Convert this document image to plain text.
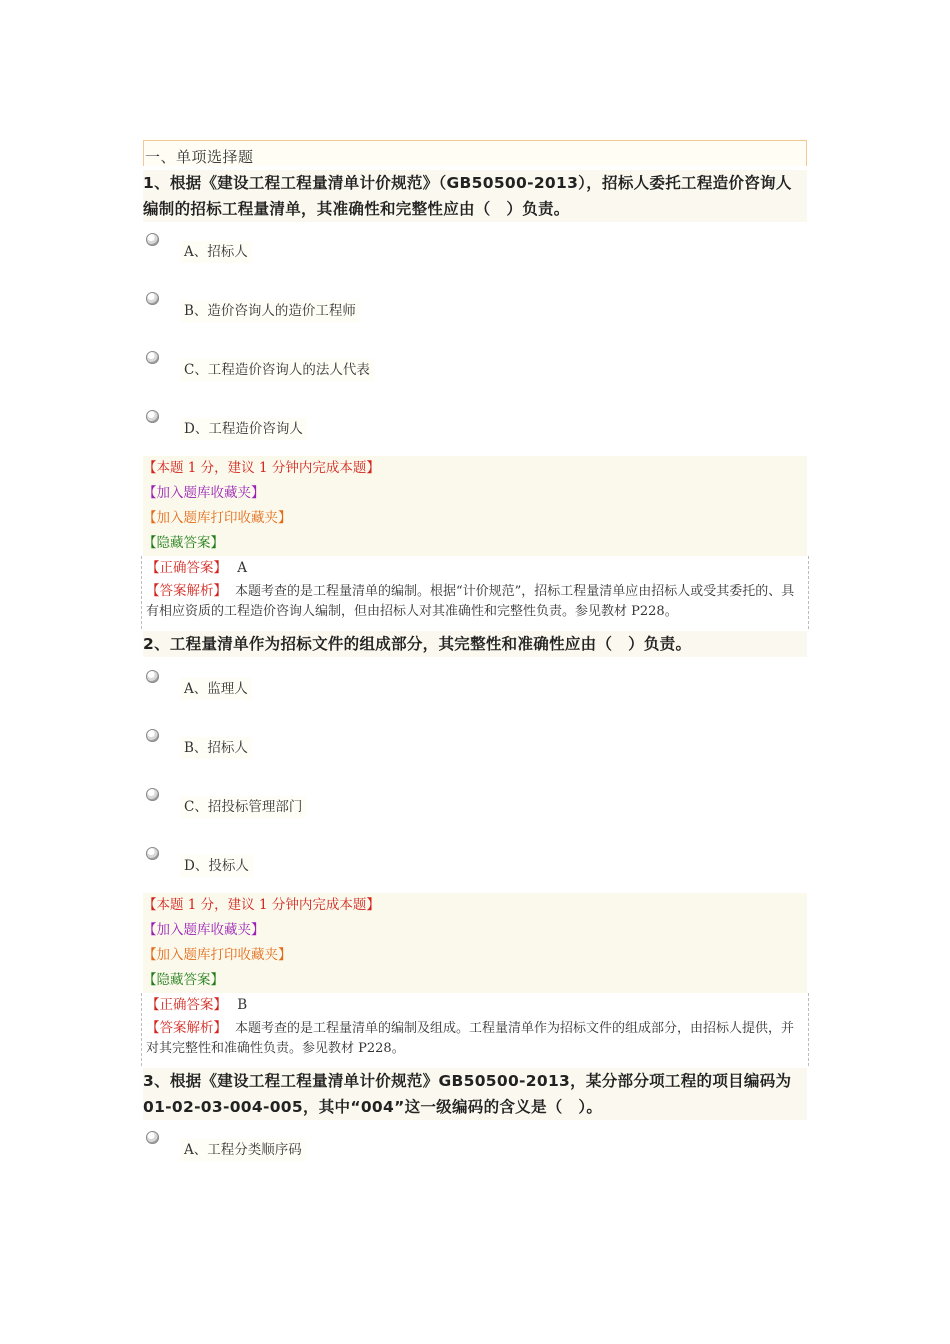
一、单项选择题
1、根据《建设工程工程量清单计价规范》（GB50500-2013），招标人委托工程造价咨询人编制的招标工程量清单，其准确性和完整性应由（　）负责。
A、招标人
B、造价咨询人的造价工程师
C、工程造价咨询人的法人代表
D、工程造价咨询人
【本题 1 分，建议 1 分钟内完成本题】
【加入题库收藏夹】
【加入题库打印收藏夹】
【隐藏答案】
【正确答案】 A
【答案解析】 本题考查的是工程量清单的编制。根据“计价规范”，招标工程量清单应由招标人或受其委托的、具有相应资质的工程造价咨询人编制，但由招标人对其准确性和完整性负责。参见教材 P228。
2、工程量清单作为招标文件的组成部分，其完整性和准确性应由（　）负责。
A、监理人
B、招标人
C、招投标管理部门
D、投标人
【本题 1 分，建议 1 分钟内完成本题】
【加入题库收藏夹】
【加入题库打印收藏夹】
【隐藏答案】
【正确答案】 B
【答案解析】 本题考查的是工程量清单的编制及组成。工程量清单作为招标文件的组成部分，由招标人提供，并对其完整性和准确性负责。参见教材 P228。
3、根据《建设工程工程量清单计价规范》GB50500-2013，某分部分项工程的项目编码为01-02-03-004-005，其中“004”这一级编码的含义是（　）。
A、工程分类顺序码
